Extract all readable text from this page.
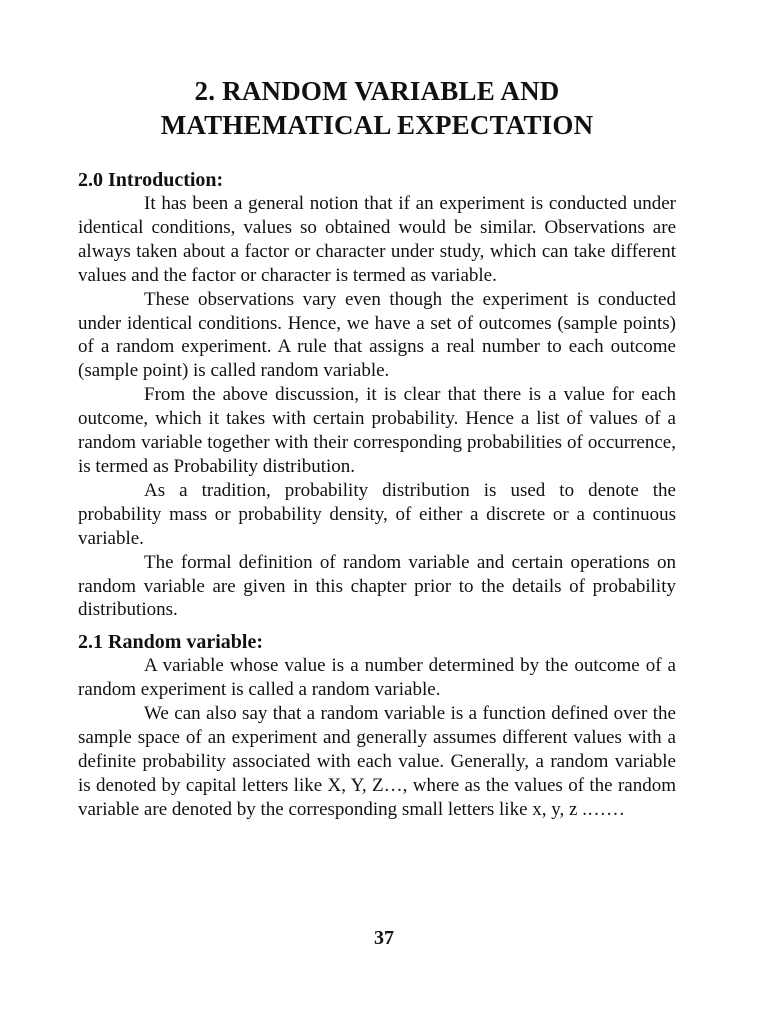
2. RANDOM VARIABLE AND
MATHEMATICAL EXPECTATION
2.0 Introduction:

It has been a general notion that if an experiment is conducted under identical conditions, values so obtained would be similar. Observations are always taken about a factor or character under study, which can take different values and the factor or character is termed as variable.

These observations vary even though the experiment is conducted under identical conditions. Hence, we have a set of outcomes (sample points) of a random experiment. A rule that assigns a real number to each outcome (sample point) is called random variable.

From the above discussion, it is clear that there is a value for each outcome, which it takes with certain probability. Hence a list of values of a random variable together with their corresponding probabilities of occurrence, is termed as Probability distribution.

As a tradition, probability distribution is used to denote the probability mass or probability density, of either a discrete or a continuous variable.

The formal definition of random variable and certain operations on random variable are given in this chapter prior to the details of probability distributions.

2.1 Random variable:

A variable whose value is a number determined by the outcome of a random experiment is called a random variable.

We can also say that a random variable is a function defined over the sample space of an experiment and generally assumes different values with a definite probability associated with each value. Generally, a random variable is denoted by capital letters like X, Y, Z…, where as the values of the random variable are denoted by the corresponding small letters like x, y, z .……

37
